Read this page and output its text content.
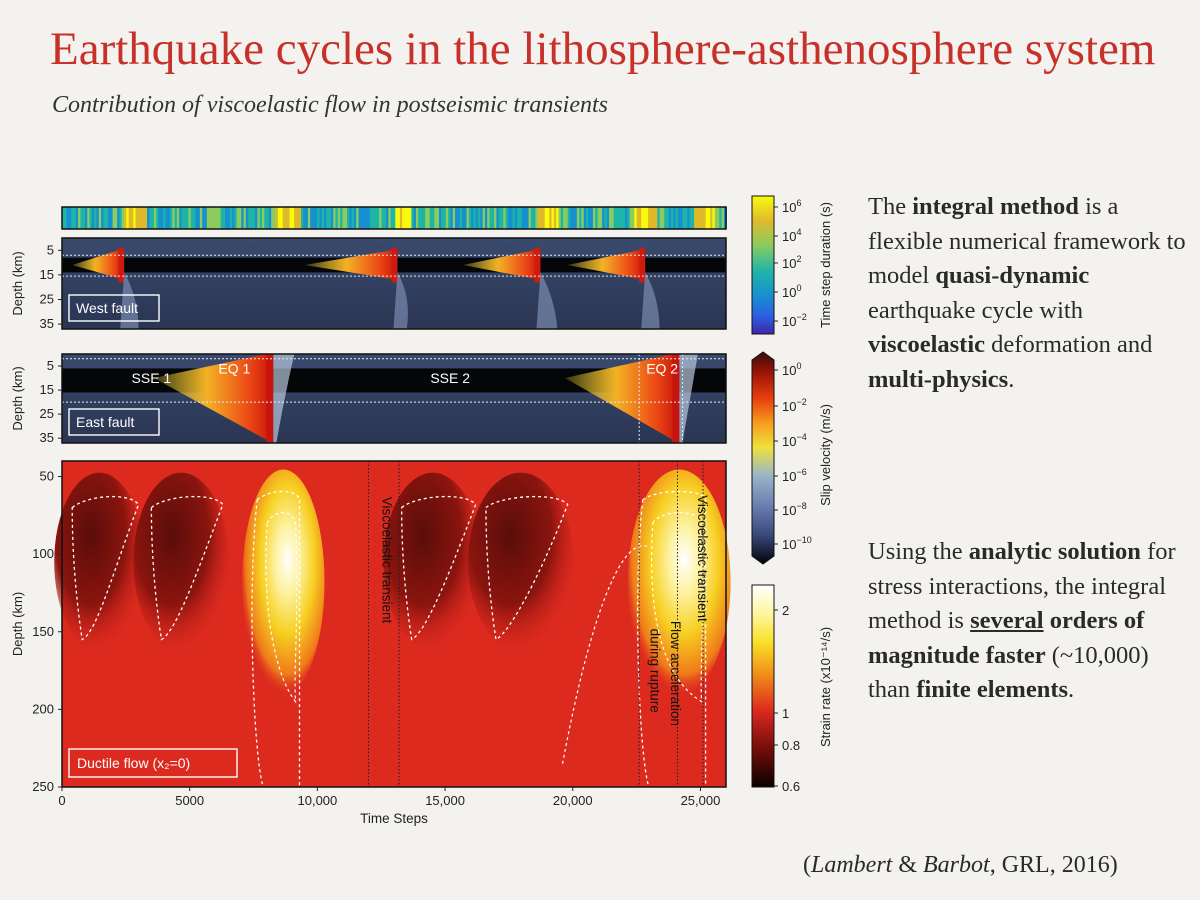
Earthquake cycles in the lithosphere-asthenosphere system
Contribution of viscoelastic flow in postseismic transients
5
15
25
35
Depth (km)	West fault
SSE 1
EQ 1
SSE 2
EQ 2
5
15
25
35
Depth (km)	East fault
Viscoelastic transient
Flow acceleration
during rupture
Viscoelastic transient
50
100
150
200
250
0	5000	10,000	15,000	20,000	25,000
Time Steps
Depth (km)
Ductile flow (x₂=0)
$10^6$
$10^4$
$10^2$
$10^0$
$10^{-2}$ Time step duration (s)
$10^0$
$10^{-2}$
$10^{-4}$
$10^{-6}$
$10^{-8}$
$10^{-10}$
Slip velocity (m/s)
2
1
0.8
0.6
Strain rate (x10⁻¹⁴/s)
The integral method is a flexible numerical framework to model quasi-dynamic earthquake cycle with viscoelastic deformation and multi-physics.
Using the analytic solution for stress interactions, the integral method is several orders of magnitude faster (~10,000) than finite elements.
(Lambert & Barbot, GRL, 2016)
